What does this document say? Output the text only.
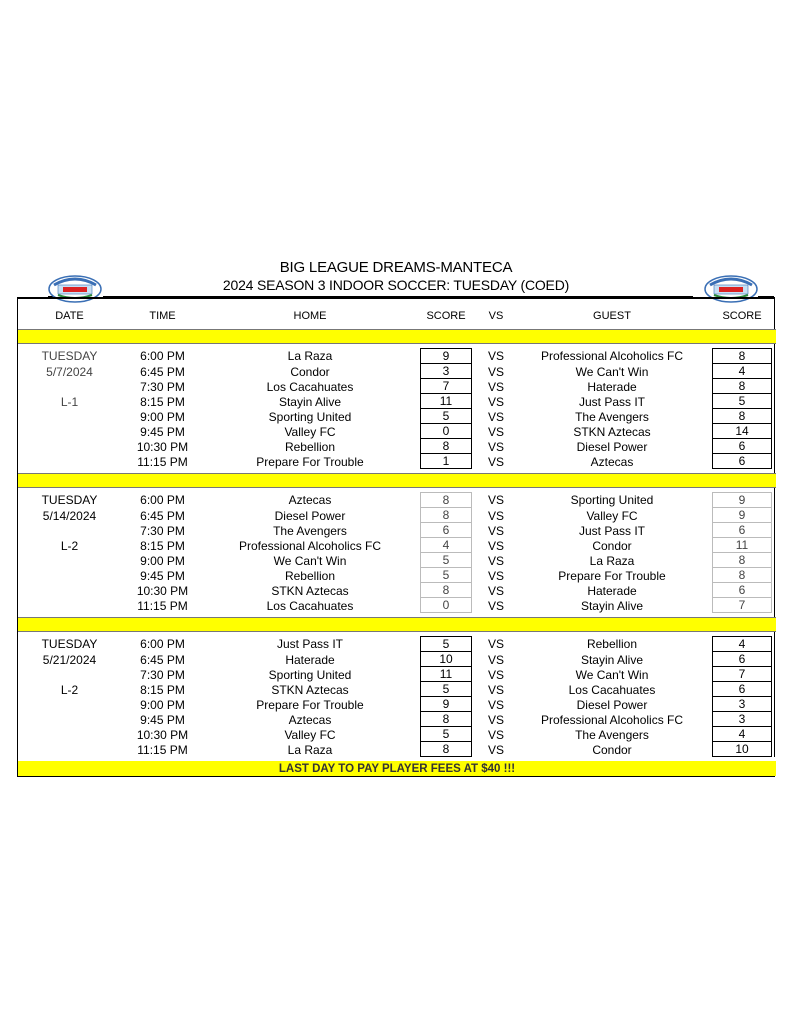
BIG LEAGUE DREAMS-MANTECA
2024 SEASON 3 INDOOR SOCCER: TUESDAY (COED)
DATE	TIME	HOME	SCORE	VS	GUEST	SCORE

TUESDAY	6:00 PM	La Raza	9	VS	Professional Alcoholics FC	8

5/7/2024	6:45 PM	Condor	3	VS	We Can't Win	4

	7:30 PM	Los Cacahuates	7	VS	Haterade	8

L-1	8:15 PM	Stayin Alive	11	VS	Just Pass IT	5

	9:00 PM	Sporting United	5	VS	The Avengers	8

	9:45 PM	Valley FC	0	VS	STKN Aztecas	14

	10:30 PM	Rebellion	8	VS	Diesel Power	6

	11:15 PM	Prepare For Trouble	1	VS	Aztecas	6

TUESDAY	6:00 PM	Aztecas	8	VS	Sporting United	9

5/14/2024	6:45 PM	Diesel Power	8	VS	Valley FC	9

	7:30 PM	The Avengers	6	VS	Just Pass IT	6

L-2	8:15 PM	Professional Alcoholics FC	4	VS	Condor	11

	9:00 PM	We Can't Win	5	VS	La Raza	8

	9:45 PM	Rebellion	5	VS	Prepare For Trouble	8

	10:30 PM	STKN Aztecas	8	VS	Haterade	6

	11:15 PM	Los Cacahuates	0	VS	Stayin Alive	7

TUESDAY	6:00 PM	Just Pass IT	5	VS	Rebellion	4

5/21/2024	6:45 PM	Haterade	10	VS	Stayin Alive	6

	7:30 PM	Sporting United	11	VS	We Can't Win	7

L-2	8:15 PM	STKN Aztecas	5	VS	Los Cacahuates	6

	9:00 PM	Prepare For Trouble	9	VS	Diesel Power	3

	9:45 PM	Aztecas	8	VS	Professional Alcoholics FC	3

	10:30 PM	Valley FC	5	VS	The Avengers	4

	11:15 PM	La Raza	8	VS	Condor	10

LAST DAY TO PAY PLAYER FEES AT $40 !!!						
